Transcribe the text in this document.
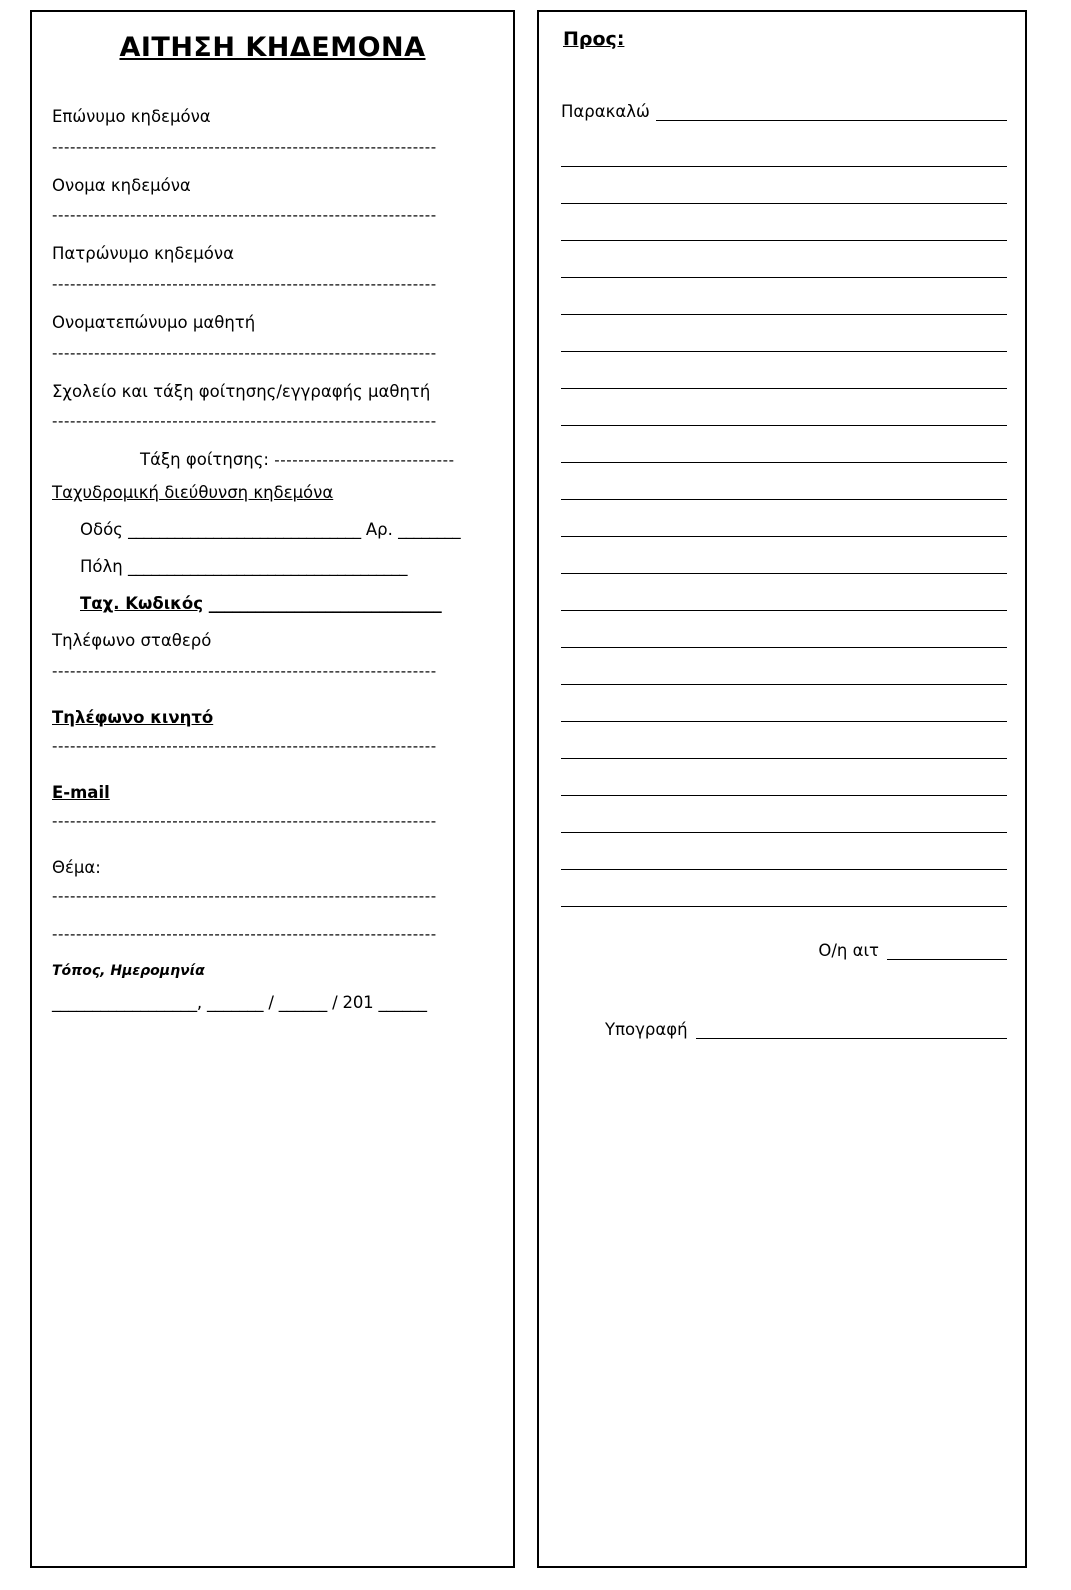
ΑΙΤΗΣΗ ΚΗΔΕΜΟΝΑ
Επώνυμο κηδεμόνα
----------------------------------------------------------------
Ονομα κηδεμόνα
----------------------------------------------------------------
Πατρώνυμο κηδεμόνα
----------------------------------------------------------------
Ονοματεπώνυμο μαθητή
----------------------------------------------------------------
Σχολείο και τάξη φοίτησης/εγγραφής μαθητή
----------------------------------------------------------------
Τάξη φοίτησης: ------------------------------
Ταχυδρομική διεύθυνση κηδεμόνα
Οδός ______________________________ Αρ. ________
Πόλη ____________________________________
Ταχ. Κωδικός ______________________________
Τηλέφωνο σταθερό
----------------------------------------------------------------
Τηλέφωνο κινητό
----------------------------------------------------------------
E-mail
----------------------------------------------------------------
Θέμα:
----------------------------------------------------------------
----------------------------------------------------------------
Τόπος, Ημερομηνία
__________________, _______ / ______ / 201 ______
Προς:
Παρακαλώ
Ο/η αιτ
Υπογραφή
